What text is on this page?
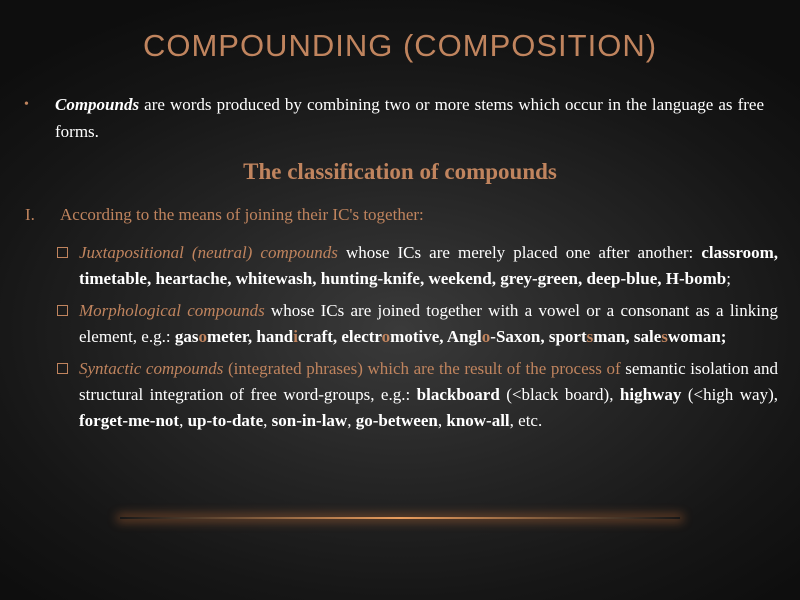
COMPOUNDING (COMPOSITION)
• Compounds are words produced by combining two or more stems which occur in the language as free forms.
The classification of compounds
I. According to the means of joining their IC's together:
Juxtapositional (neutral) compounds whose ICs are merely placed one after another: classroom, timetable, heartache, whitewash, hunting-knife, weekend, grey-green, deep-blue, H-bomb;
Morphological compounds whose ICs are joined together with a vowel or a consonant as a linking element, e.g.: gasometer, handicraft, electromotive, Anglo-Saxon, sportsman, saleswoman;
Syntactic compounds (integrated phrases) which are the result of the process of semantic isolation and structural integration of free word-groups, e.g.: blackboard (<black board), highway (<high way), forget-me-not, up-to-date, son-in-law, go-between, know-all, etc.
